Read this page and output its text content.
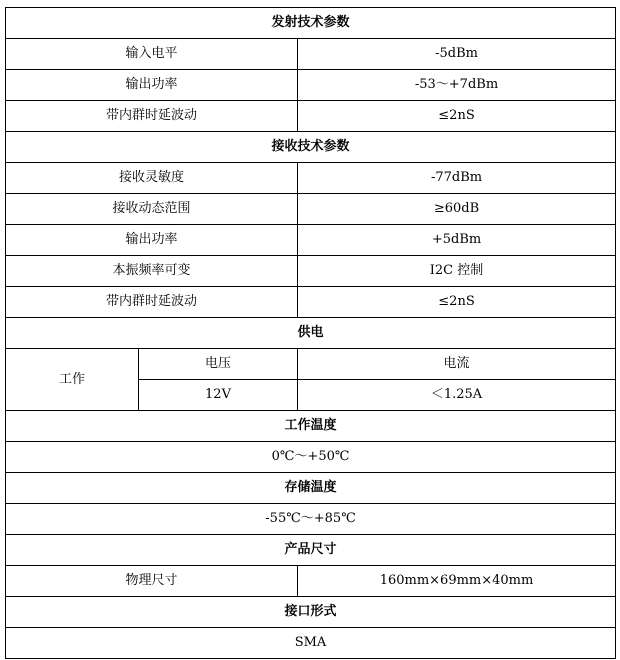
发射技术参数		
输入电平		-5dBm
输出功率		-53～+7dBm
带内群时延波动		≤2nS
接收技术参数		
接收灵敏度		-77dBm
接收动态范围		≥60dB
输出功率		+5dBm
本振频率可变		I2C 控制
带内群时延波动		≤2nS
供电		
工作	电压	电流
	12V	＜1.25A
工作温度		
0℃～+50℃		
存储温度		
-55℃～+85℃		
产品尺寸		
物理尺寸		160mm×69mm×40mm
接口形式		
SMA		
